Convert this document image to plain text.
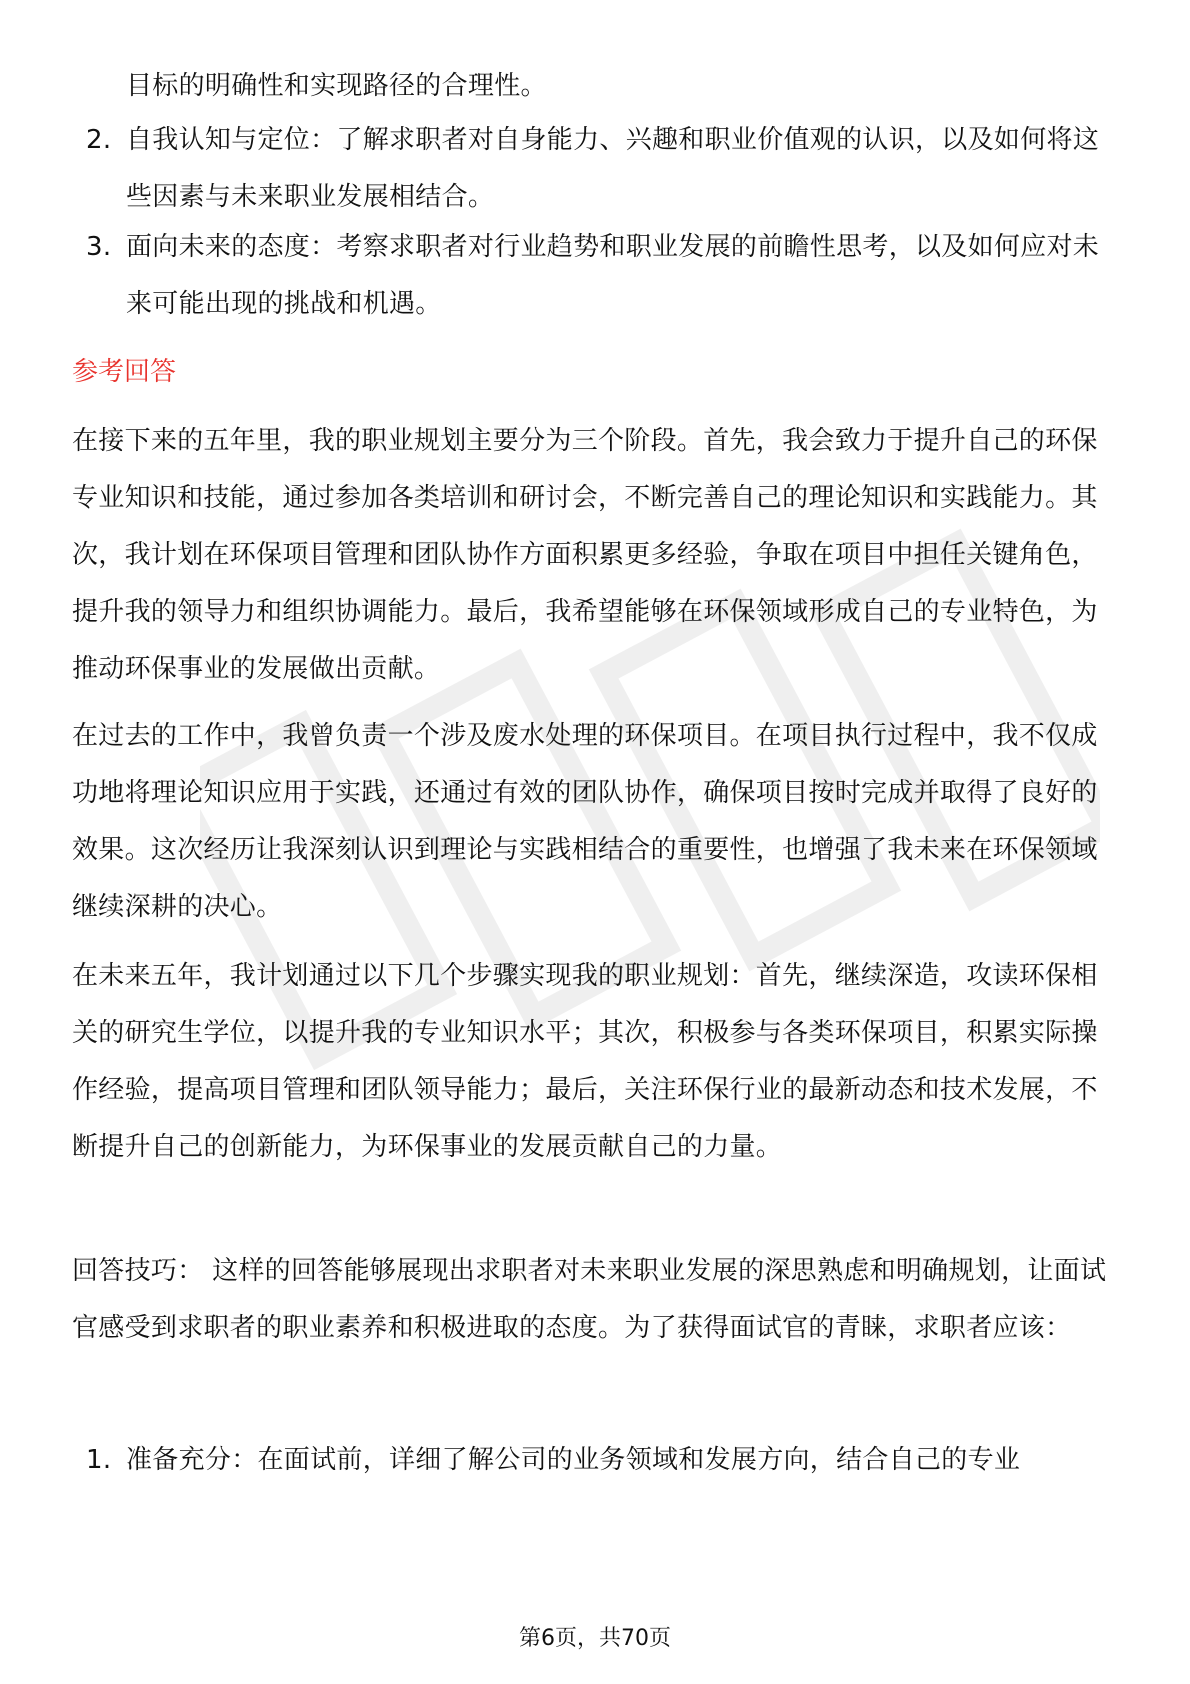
目标的明确性和实现路径的合理性。
2. 自我认知与定位：了解求职者对自身能力、兴趣和职业价值观的认识，以及如何将这些因素与未来职业发展相结合。
3. 面向未来的态度：考察求职者对行业趋势和职业发展的前瞻性思考，以及如何应对未来可能出现的挑战和机遇。
参考回答
在接下来的五年里，我的职业规划主要分为三个阶段。首先，我会致力于提升自己的环保专业知识和技能，通过参加各类培训和研讨会，不断完善自己的理论知识和实践能力。其次，我计划在环保项目管理和团队协作方面积累更多经验，争取在项目中担任关键角色，提升我的领导力和组织协调能力。最后，我希望能够在环保领域形成自己的专业特色，为推动环保事业的发展做出贡献。
在过去的工作中，我曾负责一个涉及废水处理的环保项目。在项目执行过程中，我不仅成功地将理论知识应用于实践，还通过有效的团队协作，确保项目按时完成并取得了良好的效果。这次经历让我深刻认识到理论与实践相结合的重要性，也增强了我未来在环保领域继续深耕的决心。
在未来五年，我计划通过以下几个步骤实现我的职业规划：首先，继续深造，攻读环保相关的研究生学位，以提升我的专业知识水平；其次，积极参与各类环保项目，积累实际操作经验，提高项目管理和团队领导能力；最后，关注环保行业的最新动态和技术发展，不断提升自己的创新能力，为环保事业的发展贡献自己的力量。
回答技巧： 这样的回答能够展现出求职者对未来职业发展的深思熟虑和明确规划，让面试官感受到求职者的职业素养和积极进取的态度。为了获得面试官的青睐，求职者应该：
1. 准备充分：在面试前，详细了解公司的业务领域和发展方向，结合自己的专业
第6页，共70页
